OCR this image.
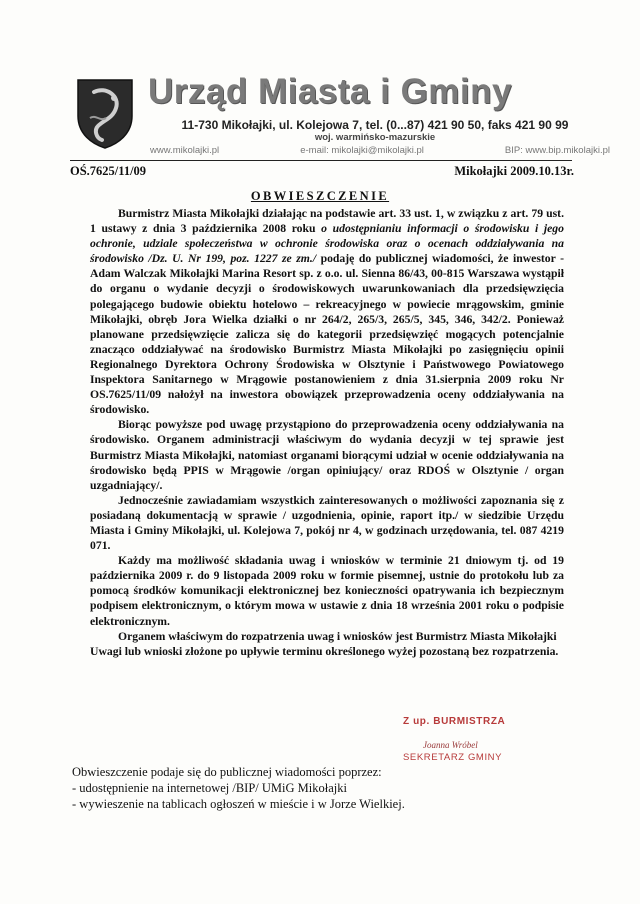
Urząd Miasta i Gminy
11-730 Mikołajki, ul. Kolejowa 7, tel. (0...87) 421 90 50, faks 421 90 99
woj. warmińsko-mazurskie
www.mikolajki.pl	e-mail: mikolajki@mikolajki.pl	BIP: www.bip.mikolajki.pl
OŚ.7625/11/09	Mikołajki 2009.10.13r.
OBWIESZCZENIE

Burmistrz Miasta Mikołajki działając na podstawie art. 33 ust. 1, w związku z art. 79 ust. 1 ustawy z dnia 3 października 2008 roku o udostępnianiu informacji o środowisku i jego ochronie, udziale społeczeństwa w ochronie środowiska oraz o ocenach oddziaływania na środowisko /Dz. U. Nr 199, poz. 1227 ze zm./ podaję do publicznej wiadomości, że inwestor - Adam Walczak Mikołajki Marina Resort sp. z o.o. ul. Sienna 86/43, 00-815 Warszawa wystąpił do organu o wydanie decyzji o środowiskowych uwarunkowaniach dla przedsięwzięcia polegającego budowie obiektu hotelowo – rekreacyjnego w powiecie mrągowskim, gminie Mikołajki, obręb Jora Wielka działki o nr 264/2, 265/3, 265/5, 345, 346, 342/2. Ponieważ planowane przedsięwzięcie zalicza się do kategorii przedsięwzięć mogących potencjalnie znacząco oddziaływać na środowisko Burmistrz Miasta Mikołajki po zasięgnięciu opinii Regionalnego Dyrektora Ochrony Środowiska w Olsztynie i Państwowego Powiatowego Inspektora Sanitarnego w Mrągowie postanowieniem z dnia 31.sierpnia 2009 roku Nr OS.7625/11/09 nałożył na inwestora obowiązek przeprowadzenia oceny oddziaływania na środowisko.

Biorąc powyższe pod uwagę przystąpiono do przeprowadzenia oceny oddziaływania na środowisko. Organem administracji właściwym do wydania decyzji w tej sprawie jest Burmistrz Miasta Mikołajki, natomiast organami biorącymi udział w ocenie oddziaływania na środowisko będą PPIS w Mrągowie /organ opiniujący/ oraz RDOŚ w Olsztynie / organ uzgadniający/.

Jednocześnie zawiadamiam wszystkich zainteresowanych o możliwości zapoznania się z posiadaną dokumentacją w sprawie / uzgodnienia, opinie, raport itp./ w siedzibie Urzędu Miasta i Gminy Mikołajki, ul. Kolejowa 7, pokój nr 4, w godzinach urzędowania, tel. 087 4219 071.

Każdy ma możliwość składania uwag i wniosków w terminie 21 dniowym tj. od 19 października 2009 r. do 9 listopada 2009 roku w formie pisemnej, ustnie do protokołu lub za pomocą środków komunikacji elektronicznej bez konieczności opatrywania ich bezpiecznym podpisem elektronicznym, o którym mowa w ustawie z dnia 18 września 2001 roku o podpisie elektronicznym.

Organem właściwym do rozpatrzenia uwag i wniosków jest Burmistrz Miasta Mikołajki

Uwagi lub wnioski złożone po upływie terminu określonego wyżej pozostaną bez rozpatrzenia.

Z up. BURMISTRZA
Joanna Wróbel
SEKRETARZ GMINY
Obwieszczenie podaje się do publicznej wiadomości poprzez:
- udostępnienie na internetowej /BIP/ UMiG Mikołajki
- wywieszenie na tablicach ogłoszeń w mieście i w Jorze Wielkiej.
